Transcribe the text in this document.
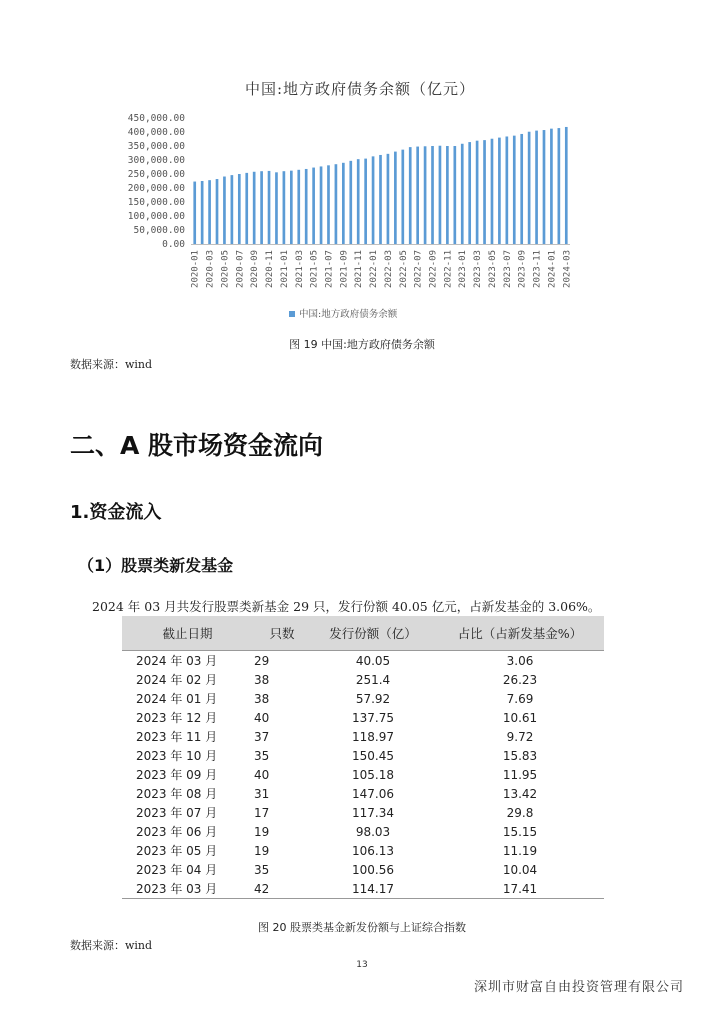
中国:地方政府债务余额（亿元）
450,000.00
400,000.00
350,000.00
300,000.00
250,000.00
200,000.00
150,000.00
100,000.00
50,000.00
0.00
2020-01 2020-03 2020-05 2020-07 2020-09 2020-11 2021-01 2021-03 2021-05 2021-07 2021-09 2021-11 2022-01 2022-03 2022-05 2022-07 2022-09 2022-11 2023-01 2023-03 2023-05 2023-07 2023-09 2023-11 2024-01 2024-03
中国:地方政府债务余额
图 19 中国:地方政府债务余额
数据来源：wind
二、A 股市场资金流向
1.资金流入
（1）股票类新发基金
2024 年 03 月共发行股票类新基金 29 只，发行份额 40.05 亿元，占新发基金的 3.06%。
截止日期	只数	发行份额（亿）	占比（占新发基金%）
2024 年 03 月	29	40.05	3.06
2024 年 02 月	38	251.4	26.23
2024 年 01 月	38	57.92	7.69
2023 年 12 月	40	137.75	10.61
2023 年 11 月	37	118.97	9.72
2023 年 10 月	35	150.45	15.83
2023 年 09 月	40	105.18	11.95
2023 年 08 月	31	147.06	13.42
2023 年 07 月	17	117.34	29.8
2023 年 06 月	19	98.03	15.15
2023 年 05 月	19	106.13	11.19
2023 年 04 月	35	100.56	10.04
2023 年 03 月	42	114.17	17.41
图 20 股票类基金新发份额与上证综合指数
数据来源：wind
13
深圳市财富自由投资管理有限公司
